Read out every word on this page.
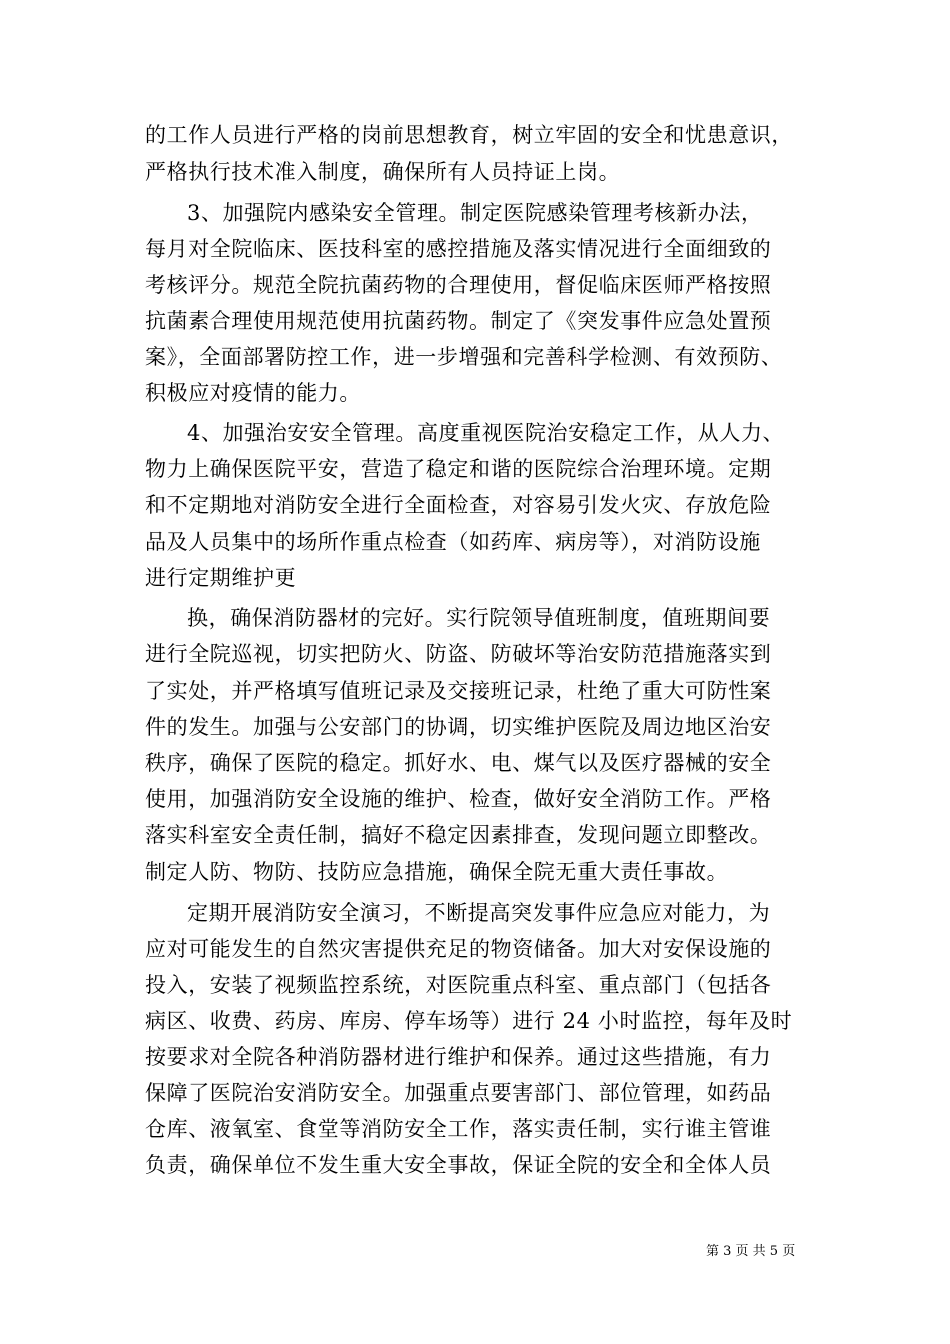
的工作人员进行严格的岗前思想教育，树立牢固的安全和忧患意识，

严格执行技术准入制度，确保所有人员持证上岗。

3、加强院内感染安全管理。制定医院感染管理考核新办法，

每月对全院临床、医技科室的感控措施及落实情况进行全面细致的

考核评分。规范全院抗菌药物的合理使用，督促临床医师严格按照

抗菌素合理使用规范使用抗菌药物。制定了《突发事件应急处置预

案》，全面部署防控工作，进一步增强和完善科学检测、有效预防、

积极应对疫情的能力。

4、加强治安安全管理。高度重视医院治安稳定工作，从人力、

物力上确保医院平安，营造了稳定和谐的医院综合治理环境。定期

和不定期地对消防安全进行全面检查，对容易引发火灾、存放危险

品及人员集中的场所作重点检查（如药库、病房等），对消防设施

进行定期维护更

换，确保消防器材的完好。实行院领导值班制度，值班期间要

进行全院巡视，切实把防火、防盗、防破坏等治安防范措施落实到

了实处，并严格填写值班记录及交接班记录，杜绝了重大可防性案

件的发生。加强与公安部门的协调，切实维护医院及周边地区治安

秩序，确保了医院的稳定。抓好水、电、煤气以及医疗器械的安全

使用，加强消防安全设施的维护、检查，做好安全消防工作。严格

落实科室安全责任制，搞好不稳定因素排查，发现问题立即整改。

制定人防、物防、技防应急措施，确保全院无重大责任事故。

定期开展消防安全演习，不断提高突发事件应急应对能力，为

应对可能发生的自然灾害提供充足的物资储备。加大对安保设施的

投入，安装了视频监控系统，对医院重点科室、重点部门（包括各

病区、收费、药房、库房、停车场等）进行 24 小时监控，每年及时

按要求对全院各种消防器材进行维护和保养。通过这些措施，有力

保障了医院治安消防安全。加强重点要害部门、部位管理，如药品

仓库、液氧室、食堂等消防安全工作，落实责任制，实行谁主管谁

负责，确保单位不发生重大安全事故，保证全院的安全和全体人员

第 3 页 共 5 页
